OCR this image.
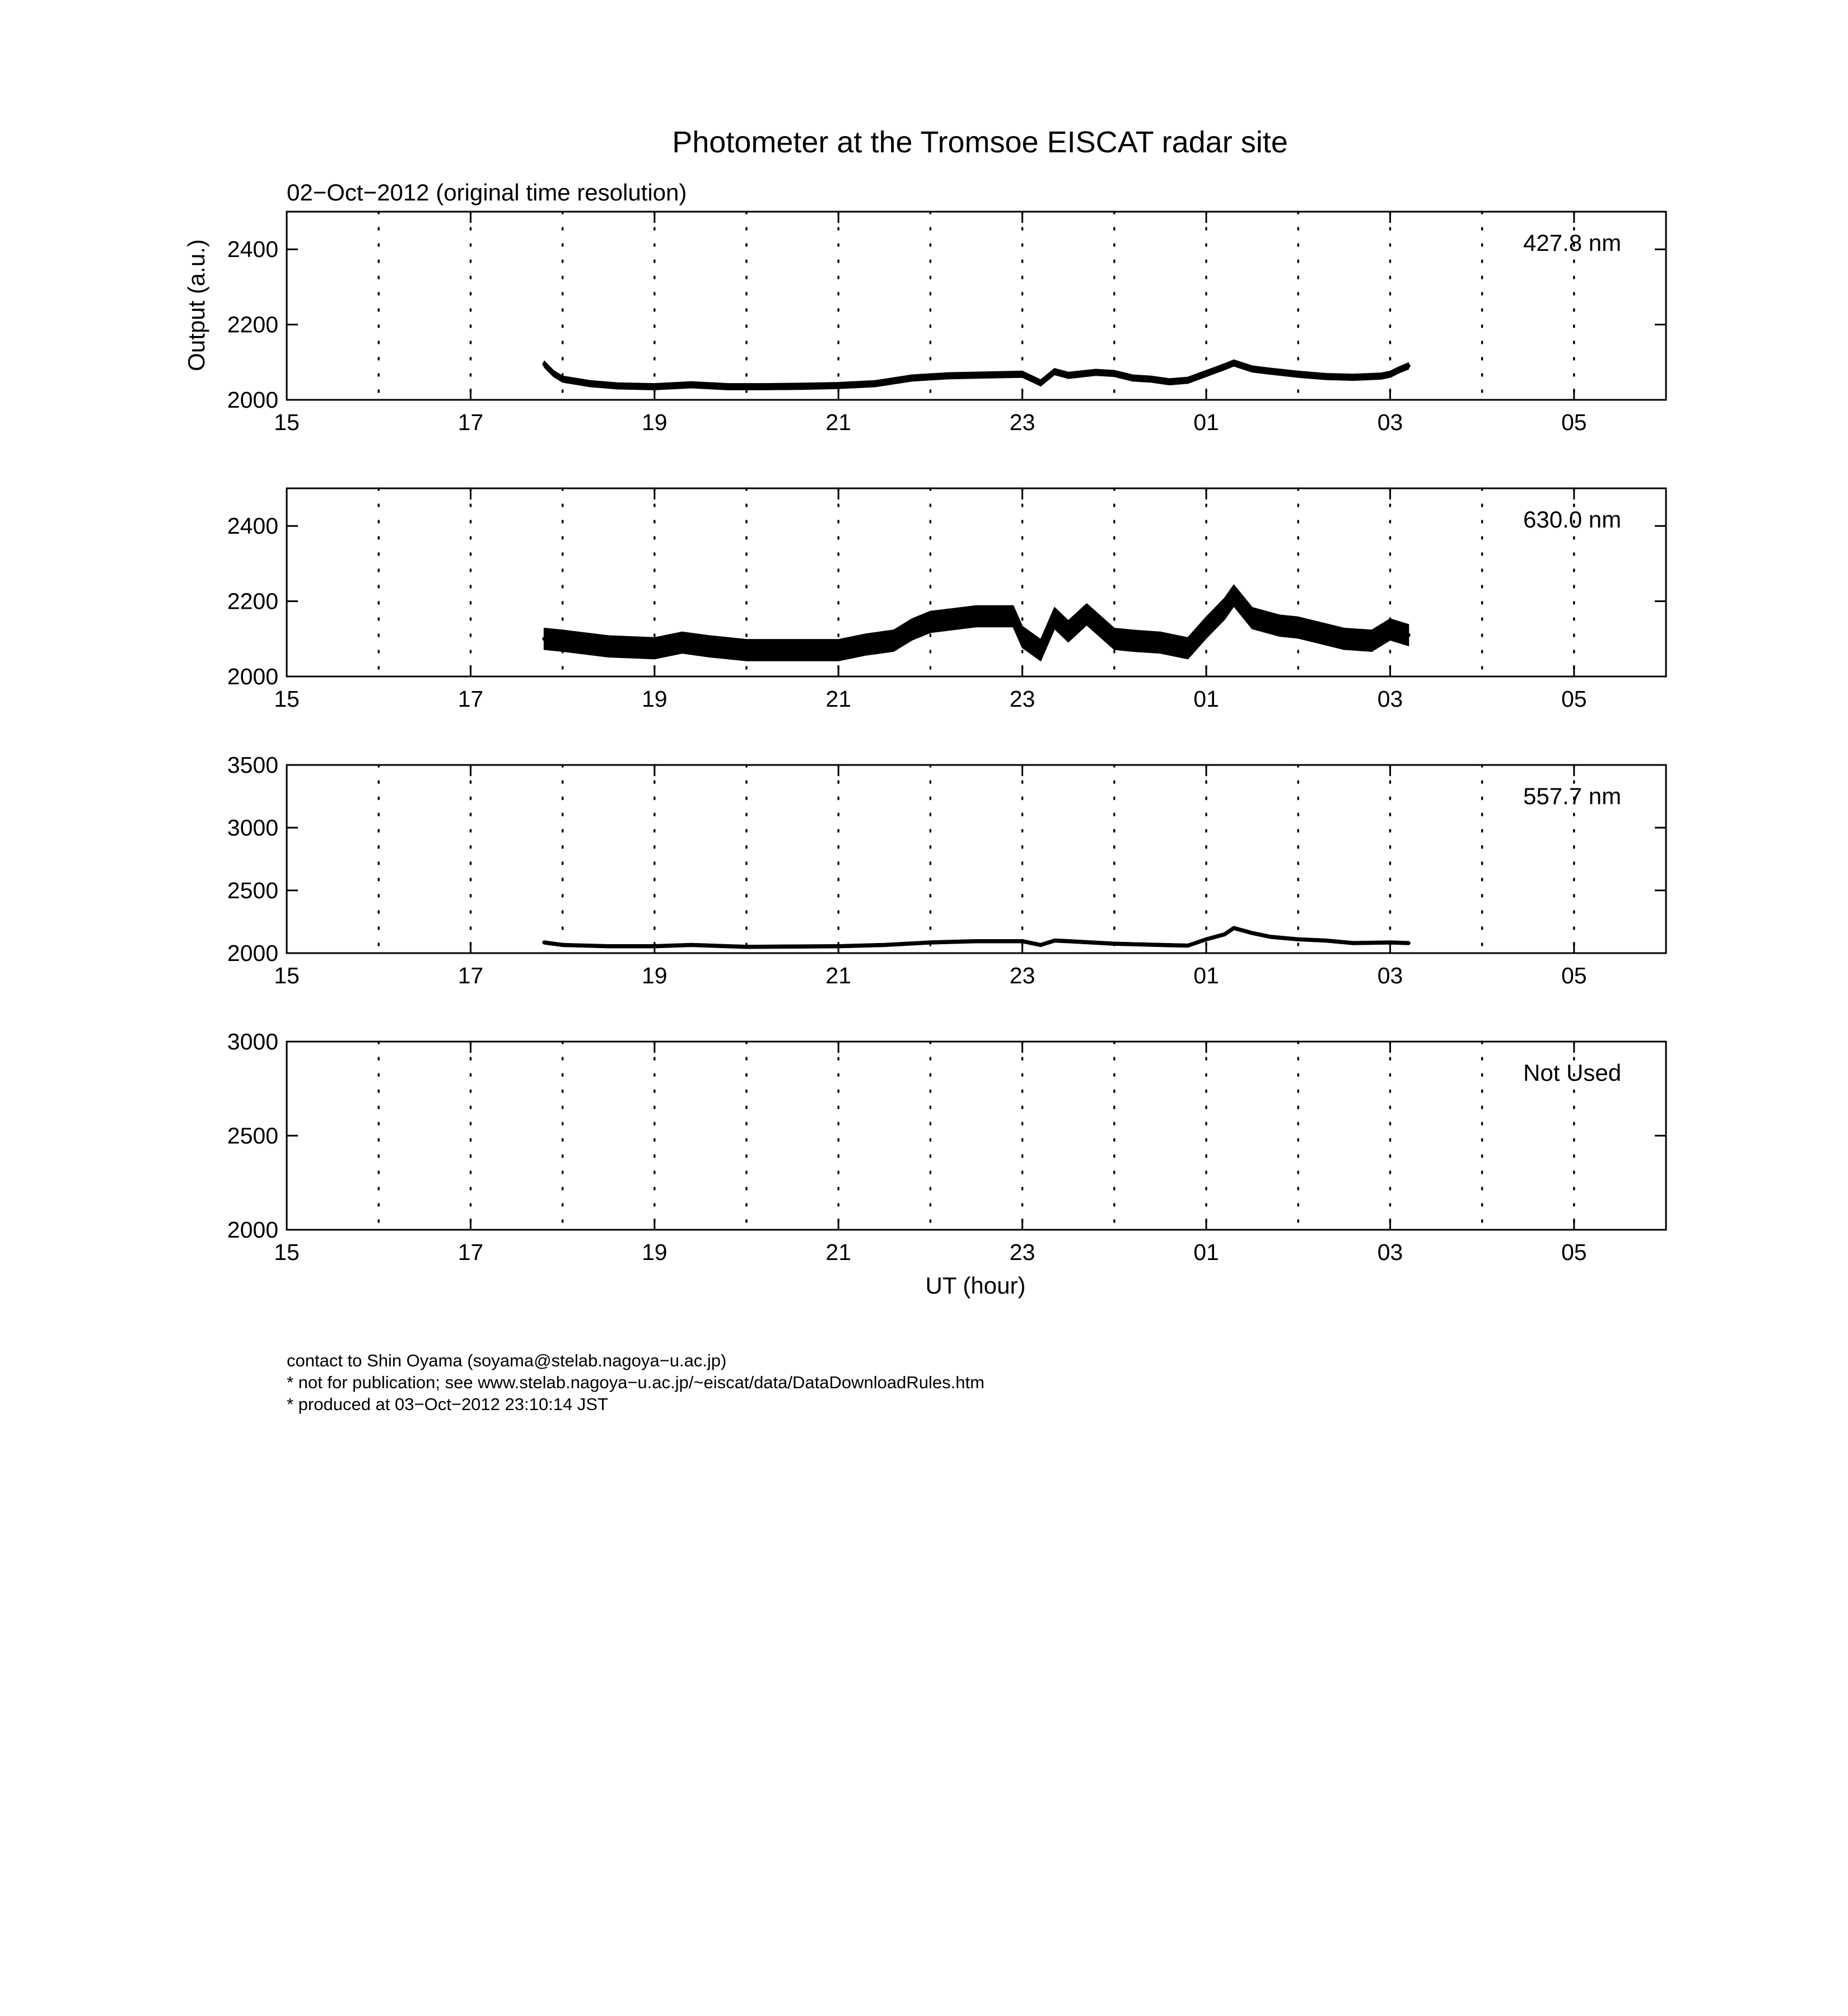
Photometer at the Tromsoe EISCAT radar site
02−Oct−2012 (original time resolution)
Output (a.u.)
15	17	19	21	23	01	03	05
2000
2200
2400	427.8 nm
15	17	19	21	23	01	03	05
2000
2200
2400	630.0 nm
15	17	19	21	23	01	03	05
2000
2500
3000
3500
557.7 nm
15	17	19	21	23	01	03	05
2000
2500
3000
Not Used
UT (hour)
contact to Shin Oyama (soyama@stelab.nagoya−u.ac.jp)
* not for publication; see www.stelab.nagoya−u.ac.jp/~eiscat/data/DataDownloadRules.htm
* produced at 03−Oct−2012 23:10:14 JST
